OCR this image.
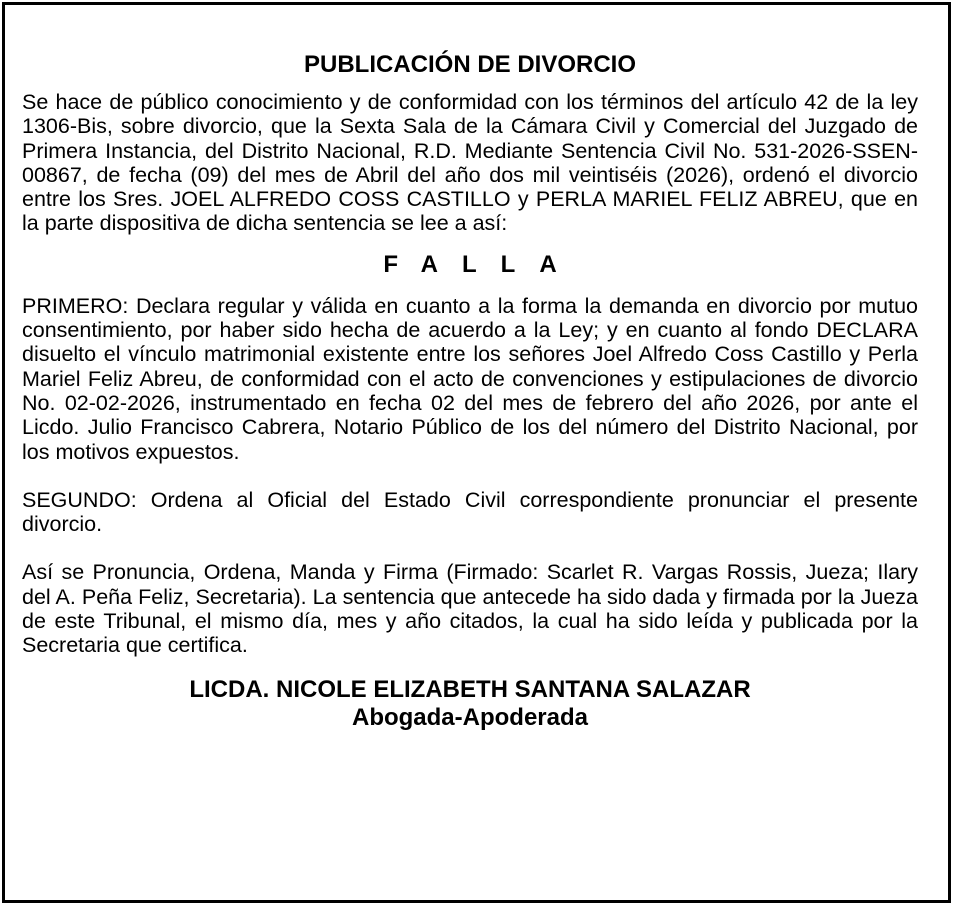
PUBLICACIÓN DE DIVORCIO

Se hace de público conocimiento y de conformidad con los términos del artículo 42 de la ley 1306-Bis, sobre divorcio, que la Sexta Sala de la Cámara Civil y Comercial del Juzgado de Primera Instancia, del Distrito Nacional, R.D. Mediante Sentencia Civil No. 531-2026-SSEN-00867, de fecha (09) del mes de Abril del año dos mil veintiséis (2026), ordenó el divorcio entre los Sres. JOEL ALFREDO COSS CASTILLO y PERLA MARIEL FELIZ ABREU, que en la parte dispositiva de dicha sentencia se lee a así:

FALLA

PRIMERO: Declara regular y válida en cuanto a la forma la demanda en divorcio por mutuo consentimiento, por haber sido hecha de acuerdo a la Ley; y en cuanto al fondo DECLARA disuelto el vínculo matrimonial existente entre los señores Joel Alfredo Coss Castillo y Perla Mariel Feliz Abreu, de conformidad con el acto de convenciones y estipulaciones de divorcio No. 02-02-2026, instrumentado en fecha 02 del mes de febrero del año 2026, por ante el Licdo. Julio Francisco Cabrera, Notario Público de los del número del Distrito Nacional, por los motivos expuestos.

SEGUNDO: Ordena al Oficial del Estado Civil correspondiente pronunciar el presente divorcio.

Así se Pronuncia, Ordena, Manda y Firma (Firmado: Scarlet R. Vargas Rossis, Jueza; Ilary del A. Peña Feliz, Secretaria). La sentencia que antecede ha sido dada y firmada por la Jueza de este Tribunal, el mismo día, mes y año citados, la cual ha sido leída y publicada por la Secretaria que certifica.

LICDA. NICOLE ELIZABETH SANTANA SALAZAR

Abogada-Apoderada
